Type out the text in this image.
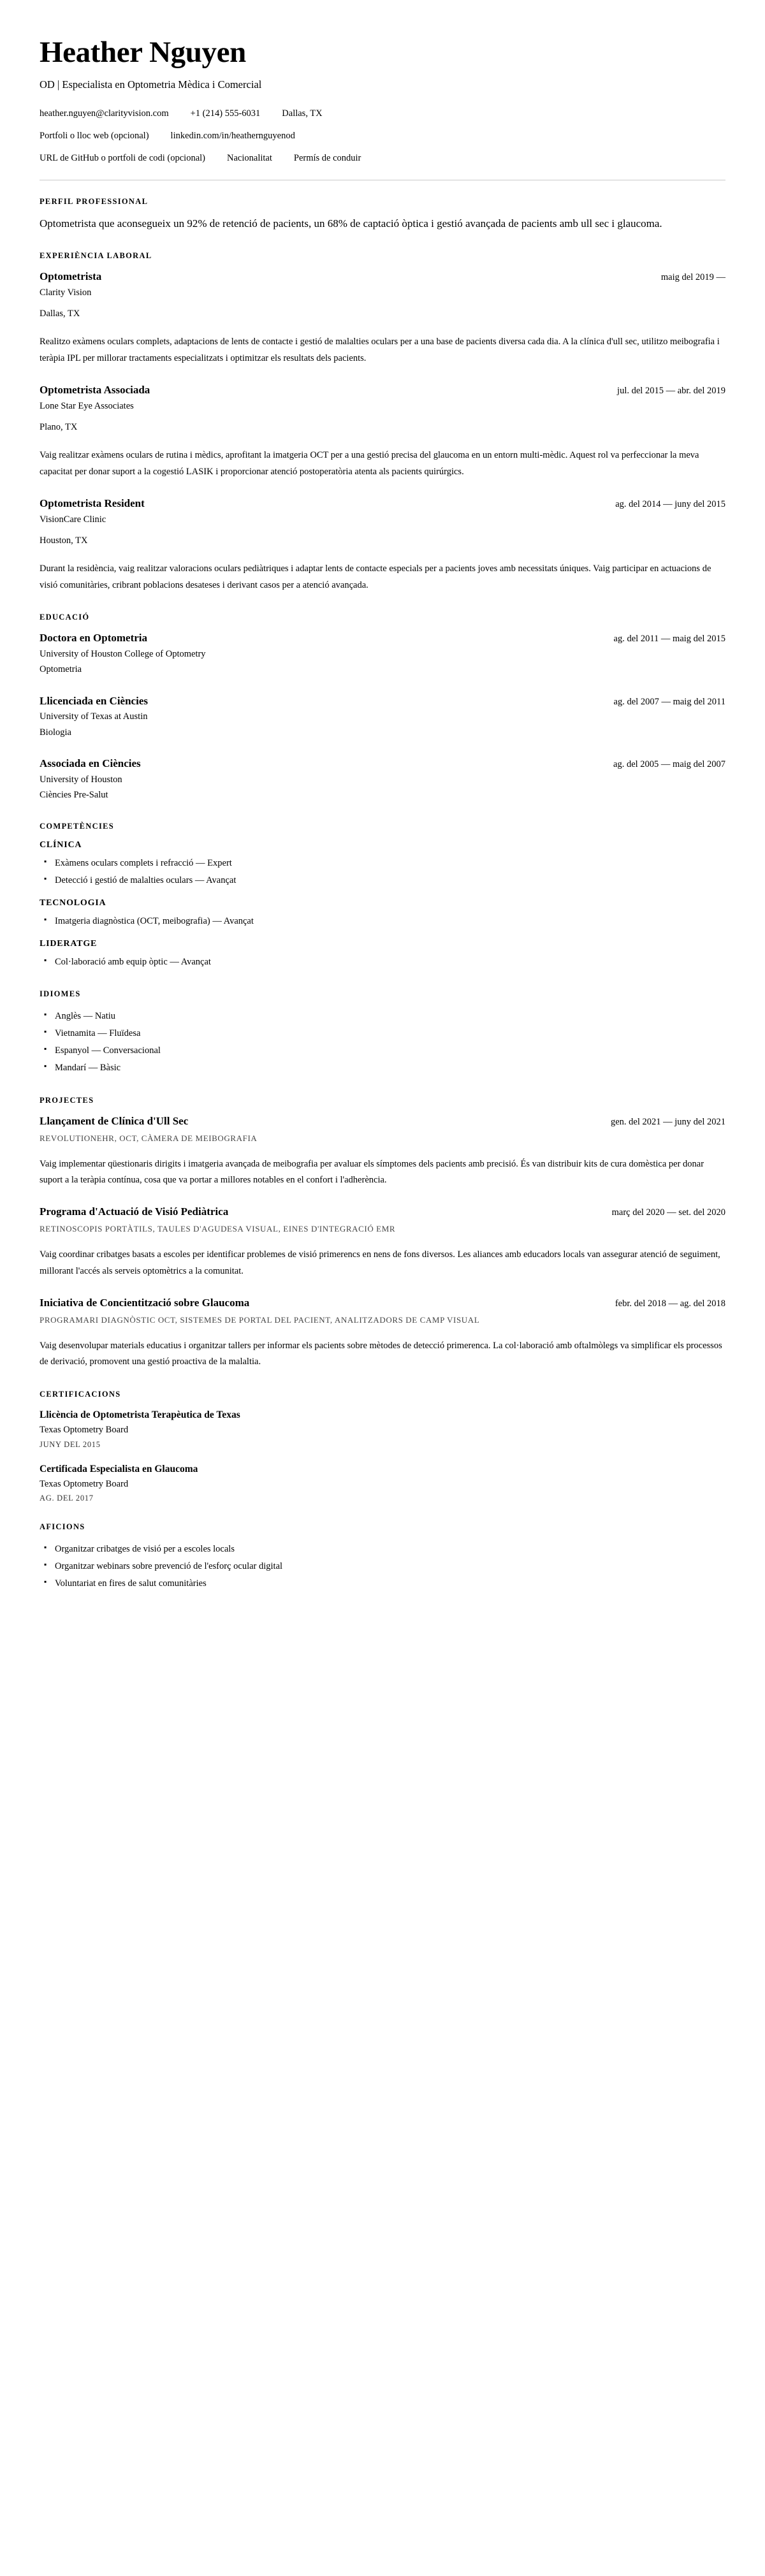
Heather Nguyen
OD | Especialista en Optometria Mèdica i Comercial
heather.nguyen@clarityvision.com +1 (214) 555-6031 Dallas, TX
Portfoli o lloc web (opcional) linkedin.com/in/heathernguyenod
URL de GitHub o portfoli de codi (opcional) Nacionalitat Permís de conduir
PERFIL PROFESSIONAL

Optometrista que aconsegueix un 92% de retenció de pacients, un 68% de captació òptica i gestió avançada de pacients amb ull sec i glaucoma.

EXPERIÈNCIA LABORAL
Optometrista	maig del 2019 —
Clarity Vision
Dallas, TX
Realitzo exàmens oculars complets, adaptacions de lents de contacte i gestió de malalties oculars per a una base de pacients diversa cada dia. A la clínica d'ull sec, utilitzo meibografia i teràpia IPL per millorar tractaments especialitzats i optimitzar els resultats dels pacients.
Optometrista Associada	jul. del 2015 — abr. del 2019
Lone Star Eye Associates
Plano, TX
Vaig realitzar exàmens oculars de rutina i mèdics, aprofitant la imatgeria OCT per a una gestió precisa del glaucoma en un entorn multi-mèdic. Aquest rol va perfeccionar la meva capacitat per donar suport a la cogestió LASIK i proporcionar atenció postoperatòria atenta als pacients quirúrgics.
Optometrista Resident	ag. del 2014 — juny del 2015
VisionCare Clinic
Houston, TX
Durant la residència, vaig realitzar valoracions oculars pediàtriques i adaptar lents de contacte especials per a pacients joves amb necessitats úniques. Vaig participar en actuacions de visió comunitàries, cribrant poblacions desateses i derivant casos per a atenció avançada.
EDUCACIÓ
Doctora en Optometria	ag. del 2011 — maig del 2015
University of Houston College of Optometry
Optometria
Llicenciada en Ciències	ag. del 2007 — maig del 2011
University of Texas at Austin
Biologia
Associada en Ciències	ag. del 2005 — maig del 2007
University of Houston
Ciències Pre-Salut
COMPETÈNCIES
CLÍNICA
▪ Exàmens oculars complets i refracció — Expert
▪ Detecció i gestió de malalties oculars — Avançat
TECNOLOGIA
▪ Imatgeria diagnòstica (OCT, meibografia) — Avançat
LIDERATGE
▪ Col·laboració amb equip òptic — Avançat
IDIOMES
▪ Anglès — Natiu
▪ Vietnamita — Fluïdesa
▪ Espanyol — Conversacional
▪ Mandarí — Bàsic
PROJECTES
Llançament de Clínica d'Ull Sec	gen. del 2021 — juny del 2021
REVOLUTIONEHR, OCT, CÀMERA DE MEIBOGRAFIA
Vaig implementar qüestionaris dirigits i imatgeria avançada de meibografia per avaluar els símptomes dels pacients amb precisió. És van distribuir kits de cura domèstica per donar suport a la teràpia contínua, cosa que va portar a millores notables en el confort i l'adherència.
Programa d'Actuació de Visió Pediàtrica	març del 2020 — set. del 2020
RETINOSCOPIS PORTÀTILS, TAULES D'AGUDESA VISUAL, EINES D'INTEGRACIÓ EMR
Vaig coordinar cribatges basats a escoles per identificar problemes de visió primerencs en nens de fons diversos. Les aliances amb educadors locals van assegurar atenció de seguiment, millorant l'accés als serveis optomètrics a la comunitat.
Iniciativa de Concientització sobre Glaucoma	febr. del 2018 — ag. del 2018
PROGRAMARI DIAGNÒSTIC OCT, SISTEMES DE PORTAL DEL PACIENT, ANALITZADORS DE CAMP VISUAL
Vaig desenvolupar materials educatius i organitzar tallers per informar els pacients sobre mètodes de detecció primerenca. La col·laboració amb oftalmòlegs va simplificar els processos de derivació, promovent una gestió proactiva de la malaltia.
CERTIFICACIONS
Llicència de Optometrista Terapèutica de Texas
Texas Optometry Board
JUNY DEL 2015
Certificada Especialista en Glaucoma
Texas Optometry Board
AG. DEL 2017
AFICIONS
▪ Organitzar cribatges de visió per a escoles locals
▪ Organitzar webinars sobre prevenció de l'esforç ocular digital
▪ Voluntariat en fires de salut comunitàries
